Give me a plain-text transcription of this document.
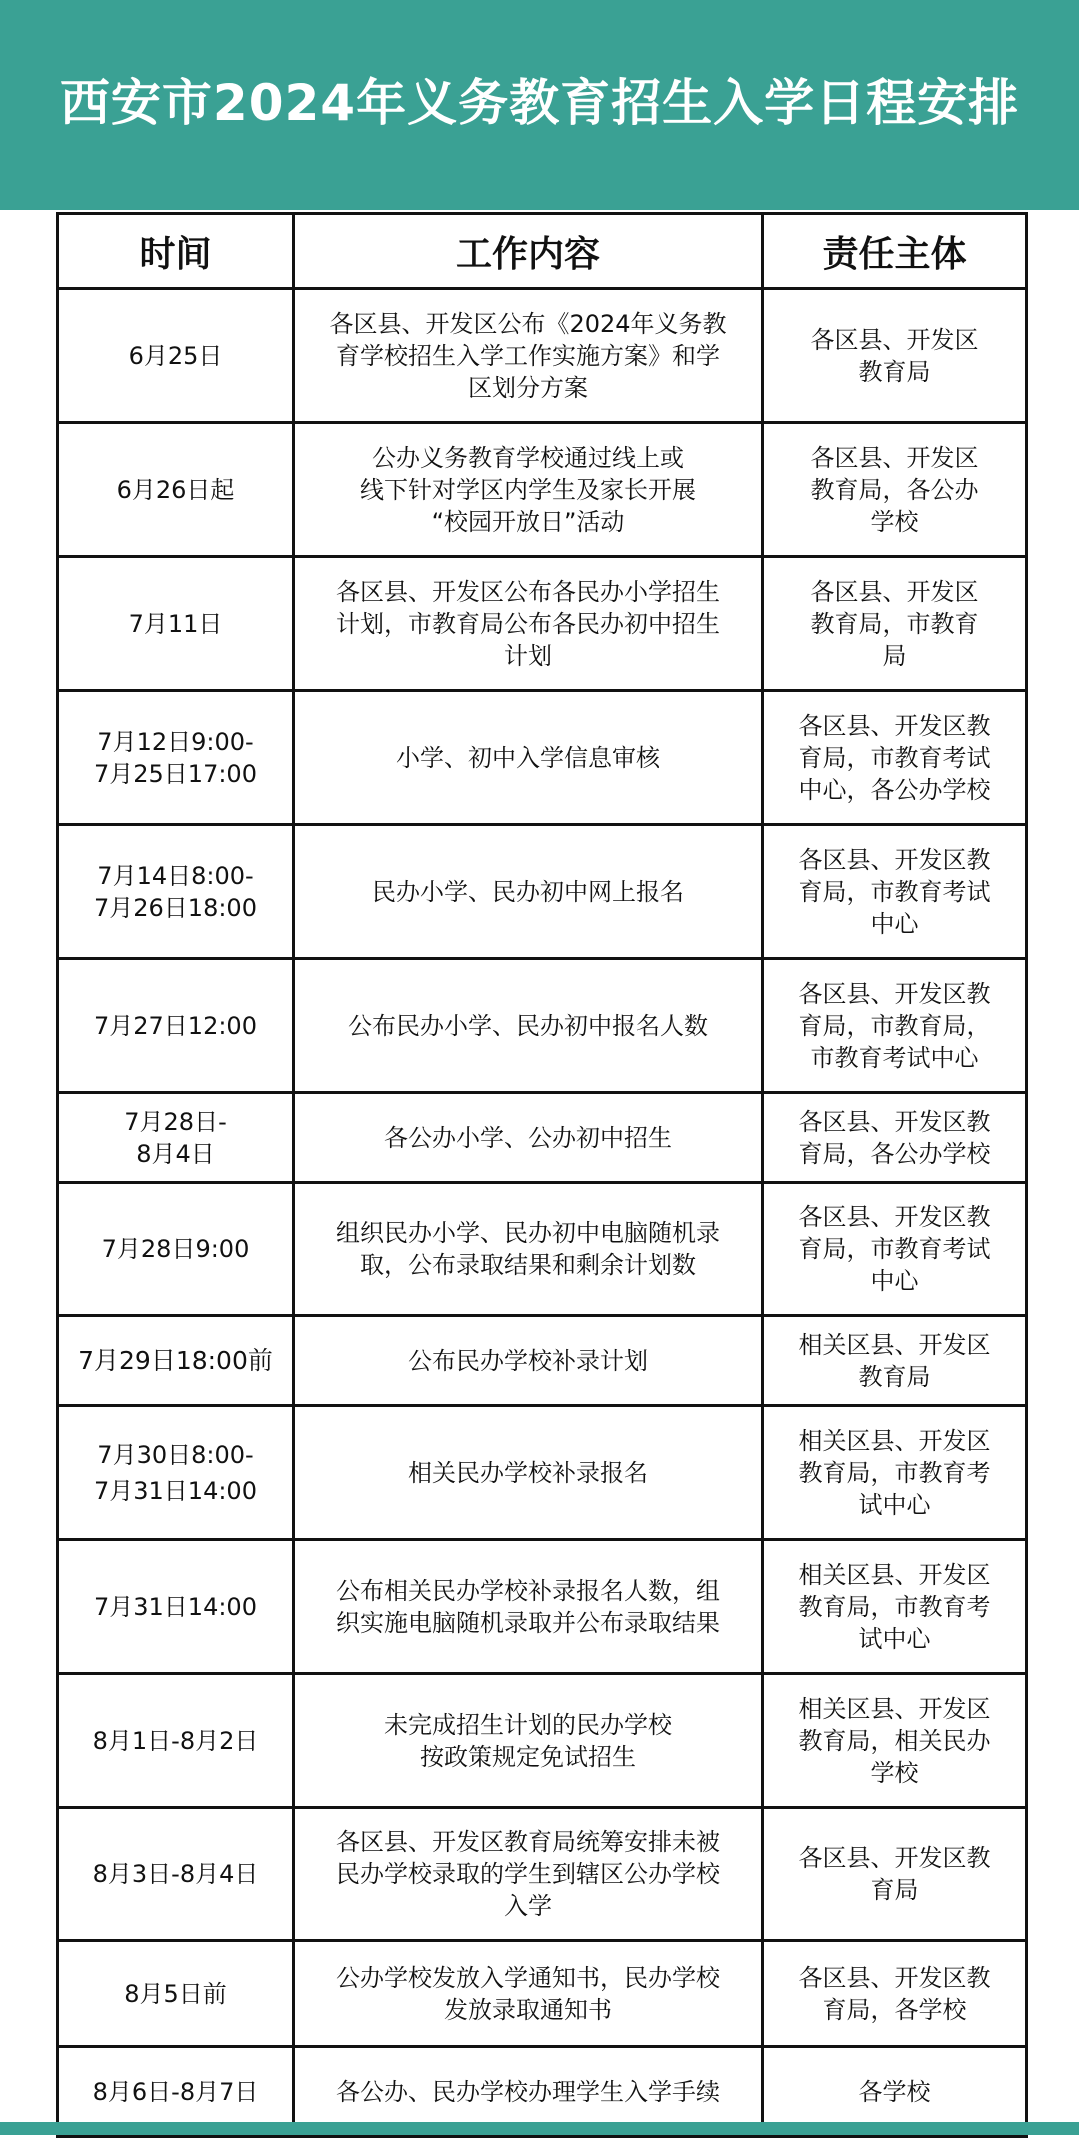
西安市2024年义务教育招生入学日程安排
时间	工作内容	责任主体
6月25日	各区县、开发区公布《2024年义务教
育学校招生入学工作实施方案》和学
区划分方案	各区县、开发区
教育局
6月26日起	公办义务教育学校通过线上或
线下针对学区内学生及家长开展
“校园开放日”活动	各区县、开发区
教育局，各公办
学校
7月11日	各区县、开发区公布各民办小学招生
计划，市教育局公布各民办初中招生
计划	各区县、开发区
教育局，市教育
局
7月12日9:00-
7月25日17:00	小学、初中入学信息审核	各区县、开发区教
育局，市教育考试
中心，各公办学校
7月14日8:00-
7月26日18:00	民办小学、民办初中网上报名	各区县、开发区教
育局，市教育考试
中心
7月27日12:00	公布民办小学、民办初中报名人数	各区县、开发区教
育局，市教育局，
市教育考试中心
7月28日-
8月4日	各公办小学、公办初中招生	各区县、开发区教
育局，各公办学校
7月28日9:00	组织民办小学、民办初中电脑随机录
取，公布录取结果和剩余计划数	各区县、开发区教
育局，市教育考试
中心
7月29日18:00前	公布民办学校补录计划	相关区县、开发区
教育局
7月30日8:00-
7月31日14:00	相关民办学校补录报名	相关区县、开发区
教育局，市教育考
试中心
7月31日14:00	公布相关民办学校补录报名人数，组
织实施电脑随机录取并公布录取结果	相关区县、开发区
教育局，市教育考
试中心
8月1日-8月2日	未完成招生计划的民办学校
按政策规定免试招生	相关区县、开发区
教育局，相关民办
学校
8月3日-8月4日	各区县、开发区教育局统筹安排未被
民办学校录取的学生到辖区公办学校
入学	各区县、开发区教
育局
8月5日前	公办学校发放入学通知书，民办学校
发放录取通知书	各区县、开发区教
育局，各学校
8月6日-8月7日	各公办、民办学校办理学生入学手续	各学校
